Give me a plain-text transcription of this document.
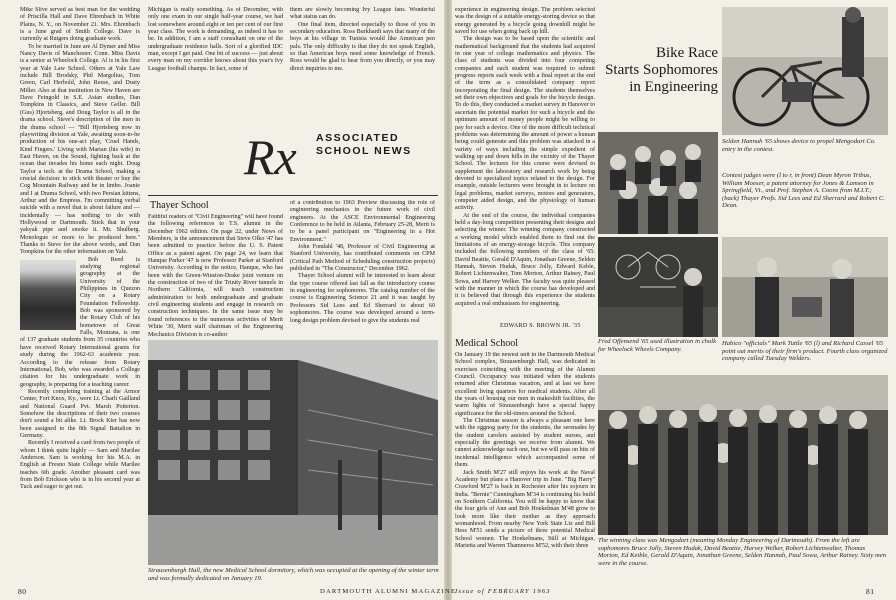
Mike Slive served as best man for the wedding of Priscilla Hall and Dave Ehrenbach in White Plains, N. Y., on November 21. Mrs. Ehrenbach is a June grad of Smith College. Dave is currently at Rutgers doing graduate work.

To be married in June are Al Dymer and Miss Nancy Davis of Manchester. Conn. Miss Davis is a senior at Wheelock College. Al is in his first year at Yale Law School. Others at Yale Law include Bill Brodsky, Phil Margolius, Tom Green, Carl Herbold, John Reese, and Dusty Miller. Also at that institution in New Haven are Dave Feingold in S.E. Asian studies, Dan Tompkins in Classics, and Steve Geller. Bill (Gus) Hjortsberg, and Doug Taylor is all in the drama school. Steve's description of the men in the drama school — "Bill Hjortsberg now in playwriting division at Yale, awaiting soon-to-be production of his one-act play, 'Cruel Hands, Kind Fingers.' Living with Marian (his wife) in East Haven, on the Sound, fighting back at the ocean that invades his home each night. Doug Taylor a tech. at the Drama School, making a crucial decision: to stick with theater or buy the Cog Mountain Railway and be in limbo. Joanie and I at Drama School, with two Persian kittens, Arthur and the Empress. I'm committing verbal suicide with a novel that is about failure and — incidentally — has nothing to do with Hollywood or Dartmouth. Stick that in your yakyak pipe and smoke it. Mr. Shulberg. Monologue or more to be produced here." Thanks to Steve for the above words, and Dan Tompkins for the other information on Yale.

Bob Reed is studying regional geography at the University of the Philippines in Quezon City on a Rotary Foundation Fellowship. Bob was sponsored by the Rotary Club of his hometown of Great Falls, Montana, is one of 137 graduate students from 35 countries who have received Rotary International grants for study during the 1962-63 academic year. According to the release from Rotary International, Bob, who was awarded a College citation for his undergraduate work in geography, is preparing for a teaching career.

Recently completing training at the Armor Center, Fort Knox, Ky., were Lt. Charli Gailland and National Guard Pvt. Marsh Potterton. Somehow the descriptions of their two courses don't sound a bit alike. Lt. Brock Kier has now been assigned to the 8th Signal Battalion in Germany.

Recently I received a card from two people of whom I think quite highly — Sam and Marilee Anderson. Sam is working for his M.A. in English at Fresno State College while Marilee teaches 6th grade. Another pleasant card was from Bob Erickson who is in his second year at Tuck and eager to get out.

Michigan is really something. As of December, with only one exam in our single half-year course, we had lost somewhere around eight or ten per cent of our first year class. The work is demanding, as indeed it has to be. In addition, I am a staff consultant on one of the undergraduate residence halls. Sort of a glorified IDC man, except I get paid. One bit of success — just about every man on my corridor knows about this year's Ivy League football champs. In fact, some of

them are slowly becoming Ivy League fans. Wonderful what status can do.

One final item, directed especially to those of you in secondary education. Ross Burkhardt says that many of the boys at his village in Tunisia would like American pen pals. The only difficulty is that they do not speak English, so that American boys need some knowledge of French. Ross would be glad to hear from you directly, or you may direct inquiries to me.

Rx ASSOCIATED
SCHOOL NEWS
Thayer School

Faithful readers of "Civil Engineering" will have found the following references to T.S. alumni in the December 1962 edition. On page 22, under News of Members, is the announcement that Steve Olko '47 has been admitted to practice before the U. S. Patent Office as a patent agent. On page 24, we learn that Hanque Parker '47 is now Professor Parker at Stanford University. According to the notice, Hanque, who has been with the Green-Winston-Drake joint venture on the construction of two of the Trinity River tunnels in Northern California, will teach construction administration to both undergraduate and graduate civil engineering students and engage in research on construction techniques. In the same issue may be found references to the numerous activities of Merit White '30, Merit staff chairman of the Engineering Mechanics Division is co-author

of a contribution to 1963 Preview discussing the role of engineering mechanics in the future work of civil engineers. At the ASCE Environmental Engineering Conference to be held in Atlanta, February 25-28, Merit is to be a panel participant on "Engineering in a Hot Environment."

John Fondahl '48, Professor of Civil Engineering at Stanford University, has contributed comments on CPM (Critical Path Method of Scheduling construction projects) published in "The Constructor," December 1962.

Thayer School alumni will be interested to learn about the type course offered last fall as the introductory course in engineering for sophomores. The catalog number of the course is Engineering Science 21 and it was taught by Professors Sid Lees and Ed Sherrard to about 60 sophomores. The course was developed around a term-long design problem devised to give the students real

Strausenburgh Hall, the new Medical School dormitory, which was occupied at the opening of the winter term and was formally dedicated on January 19.
80	DARTMOUTH ALUMNI MAGAZINE

experience in engineering design. The problem selected was the design of a suitable energy-storing device so that energy generated by a bicycle going downhill might be saved for use when going back up hill.

The design was to be based upon the scientific and mathematical background that the students had acquired in one year of college mathematics and physics. The class of students was divided into four competing companies and each student was required to submit progress reports each week with a final report at the end of the term as a consolidated company report incorporating the final design. The students themselves set their own objectives and goals for the bicycle design. To do this, they conducted a market survey in Hanover to ascertain the potential market for such a bicycle and the optimum amount of money people might be willing to pay for such a device. One of the more difficult technical problems was determining the amount of power a human being could generate and this problem was attacked in a variety of ways including the simple expedient of walking up and down hills in the vicinity of the Thayer School. The lectures for this course were devised to supplement the laboratory and research work by being devoted to specialized topics related to the design. For example, outside lecturers were brought in to lecture on legal problems, market surveys, motors and generators, computer aided design, and the physiology of human activity.

At the end of the course, the individual companies held a day-long competition presenting their designs and selecting the winner. The winning company constructed a working model which enabled them to find out the limitations of an energy-storage bicycle. This company included the following members of the class of '65: David Beattie, Gerald D'Aquin, Jonathan Greene, Selden Hannah, Steven Hudak, Bruce Jolly, Edward Keble, Robert Lichtenwalter, Tom Morton, Arthur Rainey, Paul Sowa, and Harvey Welker. The faculty was quite pleased with the manner in which the course has developed and it is believed that through this experience the students acquired a real enthusiasm for engineering.

EDWARD S. BROWN JR. '35
Medical School

On January 19 the newest unit in the Dartmouth Medical School complex, Strausenburgh Hall, was dedicated in exercises coinciding with the meeting of the Alumni Council. Occupancy was initiated when the students returned after Christmas vacation, and at last we have excellent living quarters for medical students. After all the years of housing our men in makeshift facilities, the warm lights of Strausenburgh have a special happy significance for the old-timers around the School.

The Christmas season is always a pleasant one here with the eggnog party for the students, the serenades by the student carolers assisted by student nurses, and especially the greetings we receive from alumni. We cannot acknowledge each one, but we will pass on bits of incidental intelligence which accompanied some of them.

Jack Smith M'27 still enjoys his work at the Naval Academy but plans a Hanover trip in June. "Big Harry" Crawford M'27 is back in Rochester after his sojourn in India. "Bernie" Cunningham M'34 is continuing his build on Southern California. You will be happy to know that the four girls of Ann and Bob Hoekelman M'48 grow to look more like their mother as they approach womanhood. From nearby New York State Liz and Bill Hess M'51 sends a picture of three potential Medical School women. The Hoekelmans, Still at Michigan, Marietta and Warren Thamneros M'52, with their three

Bike Race
Starts Sophomores
in Engineering
Selden Hannah '65 shows device to propel Mengodart Co. entry in the contest.
Contest judges were (l to r, in front) Dean Myron Tribus, William Moeser, a patent attorney for Jones & Lamson in Springfield, Vt., and Prof. Stephen A. Coons from M.I.T.; (back) Thayer Profs. Sid Lees and Ed Sherrard and Robert C. Dean.
Fred Offensend '65 used illustration in chalk for Wheelock Wheels Company.
Habico "officials" Mark Tuttle '65 (l) and Richard Cassel '65 point out merits of their firm's product. Fourth class organized company called Tuesday Welders.
The winning class was Mengodart (meaning Monday Engineering of Dartmouth). From the left are sophomores Bruce Jolly, Steven Hudak, David Beattie, Harvey Welker, Robert Lichtenwalter, Thomas Morton, Ed Keible, Gerald D'Aquin, Jonathan Greene, Selden Hannah, Paul Sowa, Arthur Rainey. Sixty men were in the course.
Issue of FEBRUARY 1963	81
